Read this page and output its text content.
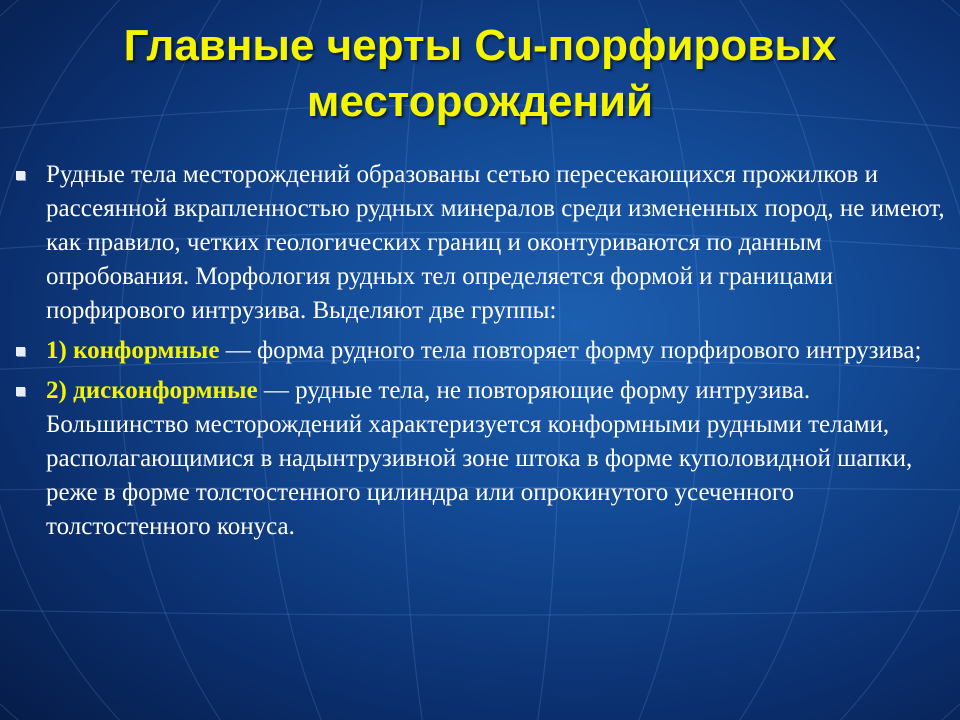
Главные черты Cu-порфировых
месторождений
Рудные тела месторождений образованы сетью пересекающихся прожилков и рассеянной вкрапленностью рудных минералов среди измененных пород, не имеют, как правило, четких геологических границ и оконтуриваются по данным опробования. Морфология рудных тел определяется формой и границами порфирового интрузива. Выделяют две группы:
1) конформные — форма рудного тела повторяет форму порфирового интрузива;
2) дисконформные — рудные тела, не повторяющие форму интрузива. Большинство месторождений характеризуется конформными рудными телами, располагающимися в надынтрузивной зоне штока в форме куполовидной шапки, реже в форме толстостенного цилиндра или опрокинутого усеченного толстостенного конуса.
